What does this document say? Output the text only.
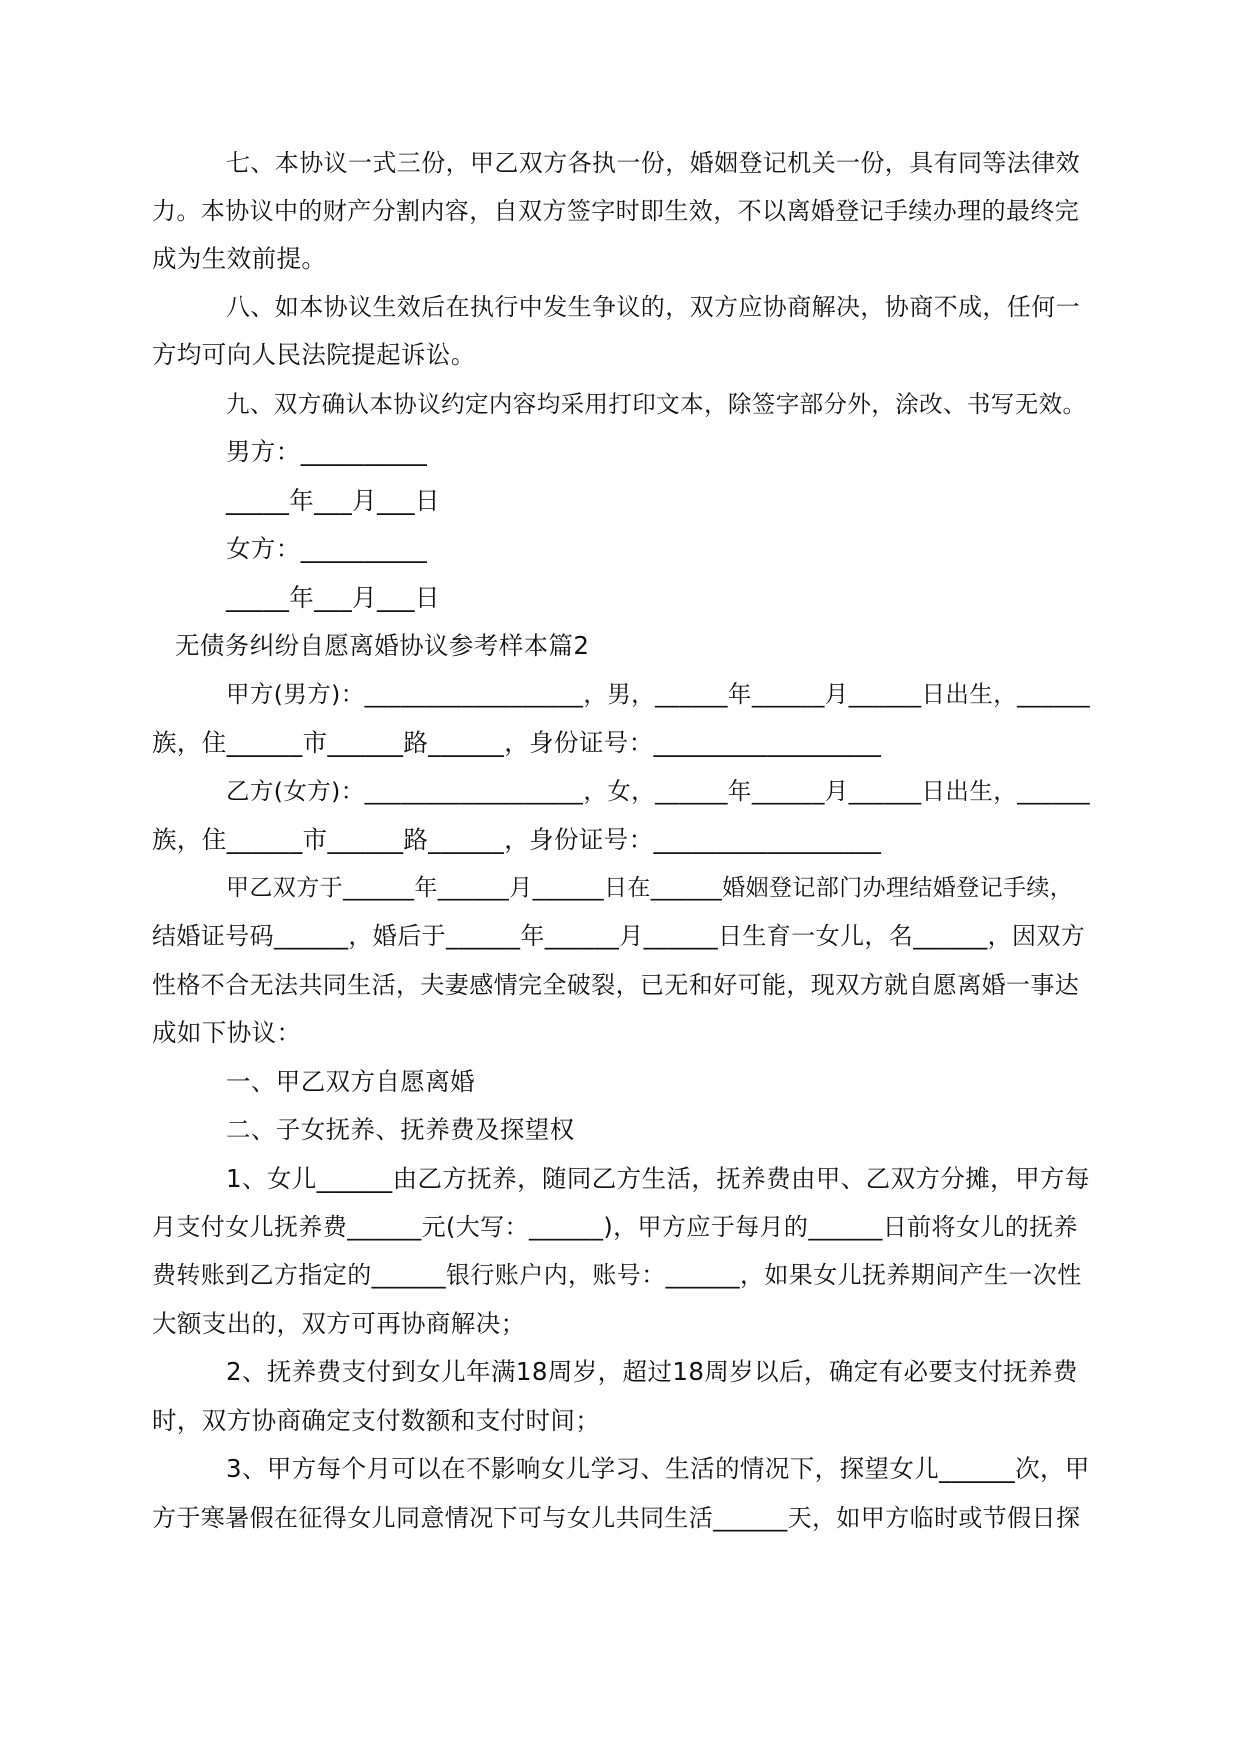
七、本协议一式三份，甲乙双方各执一份，婚姻登记机关一份，具有同等法律效
力。本协议中的财产分割内容，自双方签字时即生效，不以离婚登记手续办理的最终完
成为生效前提。
八、如本协议生效后在执行中发生争议的，双方应协商解决，协商不成，任何一
方均可向人民法院提起诉讼。
九、双方确认本协议约定内容均采用打印文本，除签字部分外，涂改、书写无效。
男方：__________
_____年___月___日
女方：__________
_____年___月___日
无债务纠纷自愿离婚协议参考样本篇2
甲方(男方)：__________________，男，______年______月______日出生，______
族，住______市______路______，身份证号：__________________
乙方(女方)：__________________，女，______年______月______日出生，______
族，住______市______路______，身份证号：__________________
甲乙双方于______年______月______日在______婚姻登记部门办理结婚登记手续，
结婚证号码______，婚后于______年______月______日生育一女儿，名______，因双方
性格不合无法共同生活，夫妻感情完全破裂，已无和好可能，现双方就自愿离婚一事达
成如下协议：
一、甲乙双方自愿离婚
二、子女抚养、抚养费及探望权
1、女儿______由乙方抚养，随同乙方生活，抚养费由甲、乙双方分摊，甲方每
月支付女儿抚养费______元(大写：______)，甲方应于每月的______日前将女儿的抚养
费转账到乙方指定的______银行账户内，账号：______，如果女儿抚养期间产生一次性
大额支出的，双方可再协商解决；
2、抚养费支付到女儿年满18周岁，超过18周岁以后，确定有必要支付抚养费
时，双方协商确定支付数额和支付时间；
3、甲方每个月可以在不影响女儿学习、生活的情况下，探望女儿______次，甲
方于寒暑假在征得女儿同意情况下可与女儿共同生活______天，如甲方临时或节假日探
